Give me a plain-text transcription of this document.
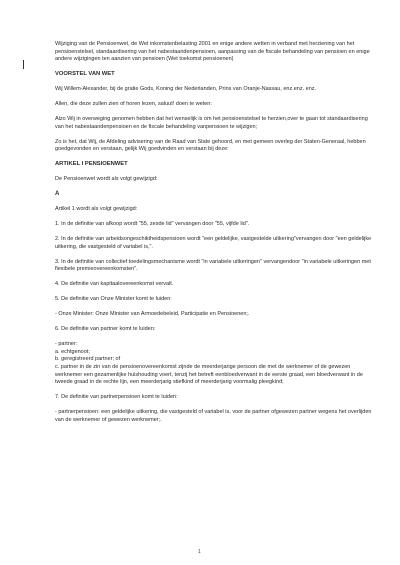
Wijziging van de Pensioenwet, de Wet inkomstenbelasting 2001 en enige andere wetten in verband met herziening van het pensioenstelsel, standaardisering van het nabestaandenpensioen, aanpassing van de fiscale behandeling van pensioen en enige andere wijzigingen ten aanzien van pensioen (Wet toekomst pensioenen)

VOORSTEL VAN WET

Wij Willem-Alexander, bij de gratie Gods, Koning der Nederlanden, Prins van Oranje-Nassau, enz.enz. enz.

Allen, die deze zullen zien of horen lezen, saluut! doen te weten:

Alzo Wij in overweging genomen hebben dat het wenselijk is om het pensioenstelsel te herzien,over te gaan tot standaardisering van het nabestaandenpensioen en de fiscale behandeling vanpensioen te wijzigen;

Zo is het, dat Wij, de Afdeling advisering van de Raad van State gehoord, en met gemeen overleg der Staten-Generaal, hebben goedgevonden en verstaan, gelijk Wij goedvinden en verstaan bij deze:

ARTIKEL I PENSIOENWET

De Pensioenwet wordt als volgt gewijzigd:

A

Artikel 1 wordt als volgt gewijzigd:

1. In de definitie van afkoop wordt "55, zesde lid" vervangen door "55, vijfde lid".

2. In de definitie van arbeidsongeschiktheidspensioen wordt "een geldelijke, vastgestelde uitkering"vervangen door "een geldelijke uitkering, die vastgesteld of variabel is,".

3. In de definitie van collectief toedelingsmechanisme wordt "in variabele uitkeringen" vervangendoor "in variabele uitkeringen met flexibele premieovereenkomsten".

4. De definitie van kapitaalovereenkomst vervalt.

5. De definitie van Onze Minister komt te luiden:

- Onze Minister: Onze Minister van Armoedebeleid, Participatie en Pensioenen;.

6. De definitie van partner komt te luiden:

- partner:
a. echtgenoot;
b. geregistreerd partner; of
c. partner in de zin van de pensioenovereenkomst zijnde de meerderjarige persoon die met de werknemer of de gewezen werknemer een gezamenlijke huishouding voert, tenzij het betreft eenbloedverwant in de eerste graad, een bloedverwant in de tweede graad in de rechte lijn, een meerderjarig stiefkind of meerderjarig voormalig pleegkind;

7. De definitie van partnerpensioen komt te luiden:

- partnerpensioen: een geldelijke uitkering, die vastgesteld of variabel is, voor de partner ofgewezen partner wegens het overlijden van de werknemer of gewezen werknemer;.

1
